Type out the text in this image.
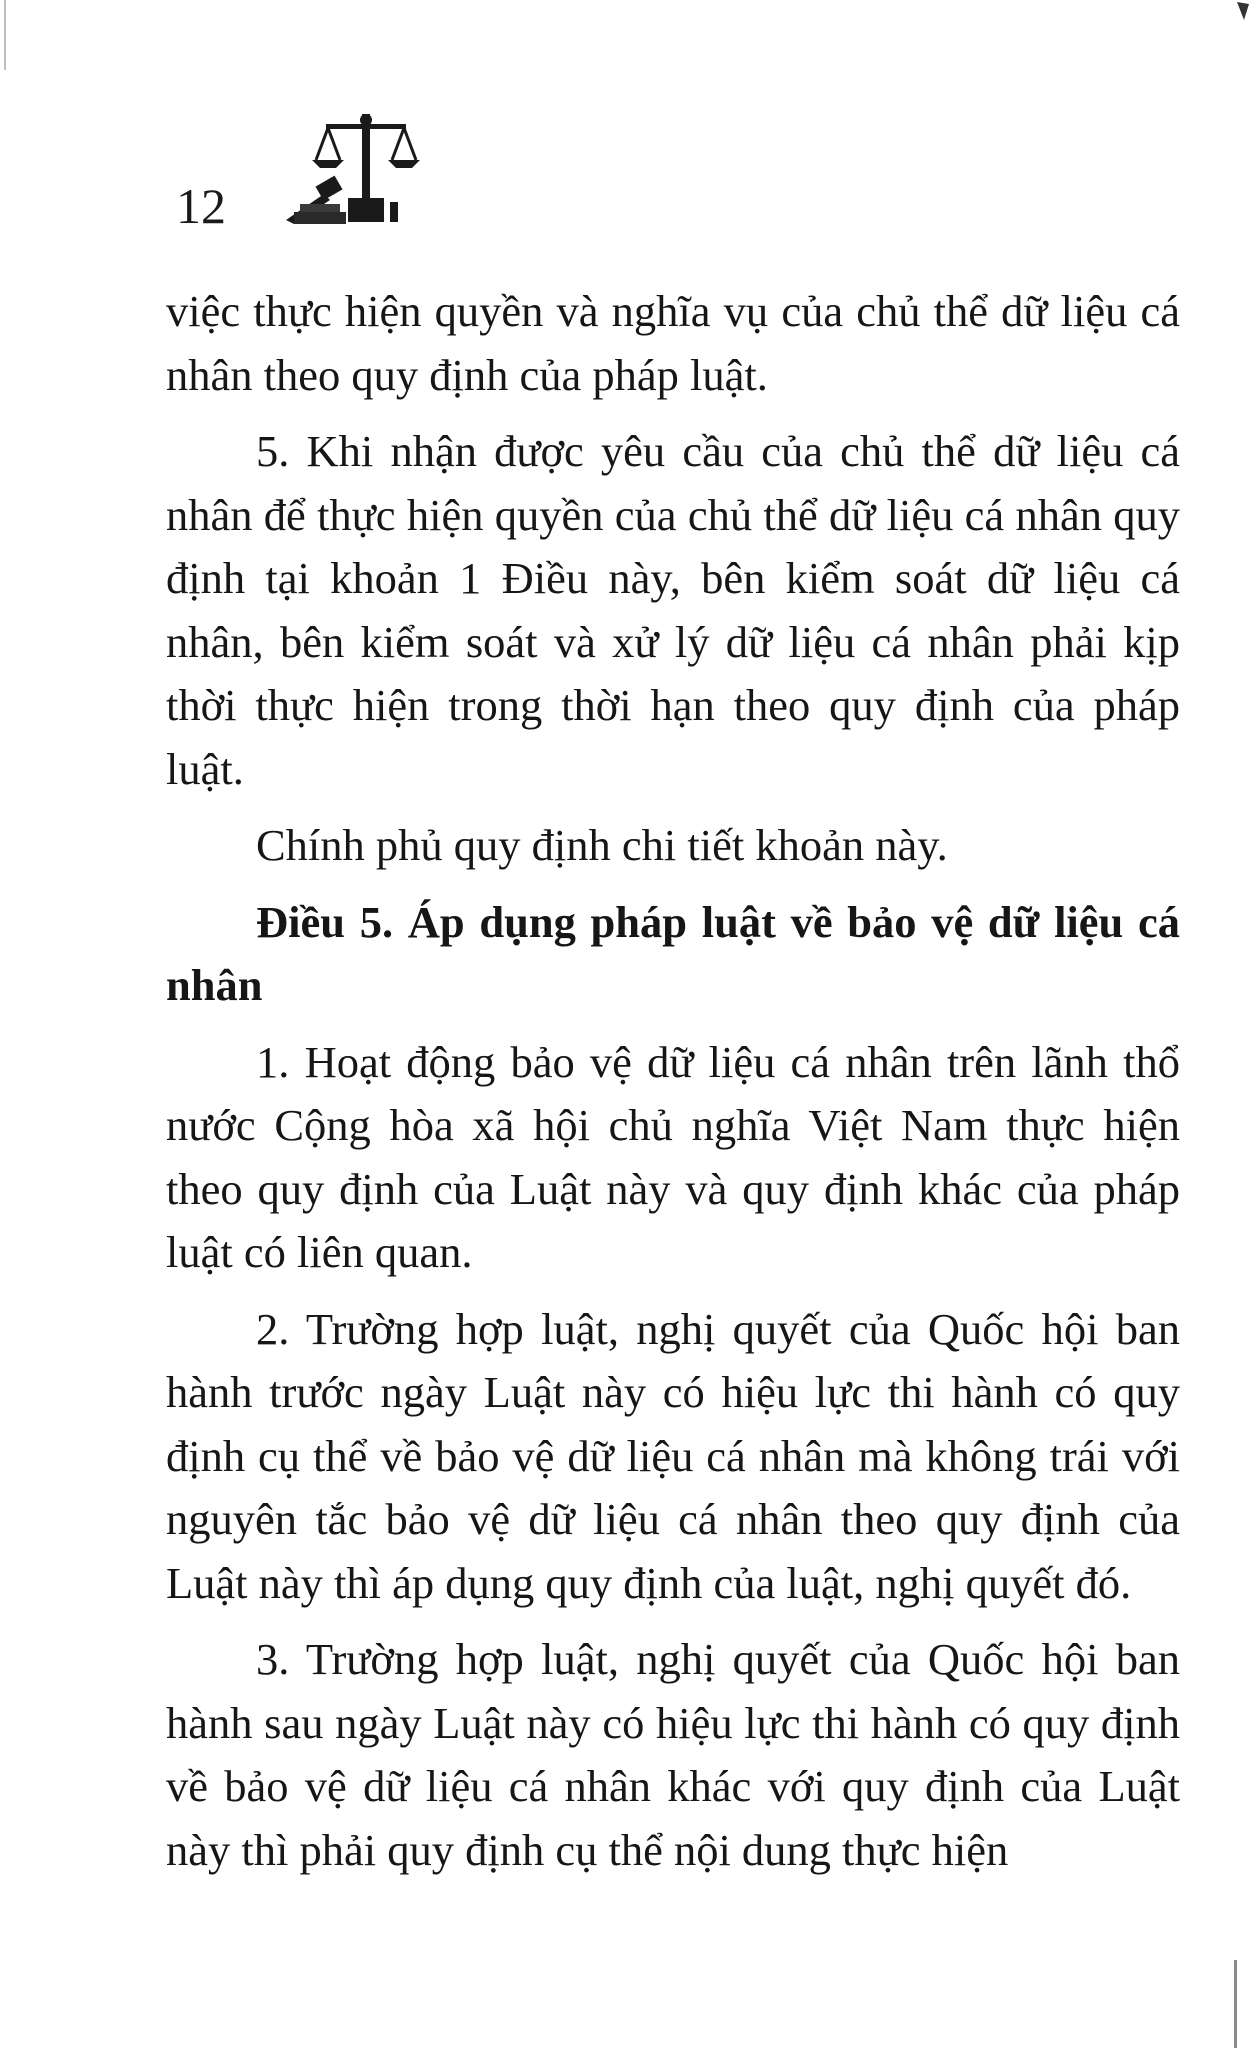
12

việc thực hiện quyền và nghĩa vụ của chủ thể dữ liệu cá nhân theo quy định của pháp luật.

5. Khi nhận được yêu cầu của chủ thể dữ liệu cá nhân để thực hiện quyền của chủ thể dữ liệu cá nhân quy định tại khoản 1 Điều này, bên kiểm soát dữ liệu cá nhân, bên kiểm soát và xử lý dữ liệu cá nhân phải kịp thời thực hiện trong thời hạn theo quy định của pháp luật.

Chính phủ quy định chi tiết khoản này.

Điều 5. Áp dụng pháp luật về bảo vệ dữ liệu cá nhân

1. Hoạt động bảo vệ dữ liệu cá nhân trên lãnh thổ nước Cộng hòa xã hội chủ nghĩa Việt Nam thực hiện theo quy định của Luật này và quy định khác của pháp luật có liên quan.

2. Trường hợp luật, nghị quyết của Quốc hội ban hành trước ngày Luật này có hiệu lực thi hành có quy định cụ thể về bảo vệ dữ liệu cá nhân mà không trái với nguyên tắc bảo vệ dữ liệu cá nhân theo quy định của Luật này thì áp dụng quy định của luật, nghị quyết đó.

3. Trường hợp luật, nghị quyết của Quốc hội ban hành sau ngày Luật này có hiệu lực thi hành có quy định về bảo vệ dữ liệu cá nhân khác với quy định của Luật này thì phải quy định cụ thể nội dung thực hiện
